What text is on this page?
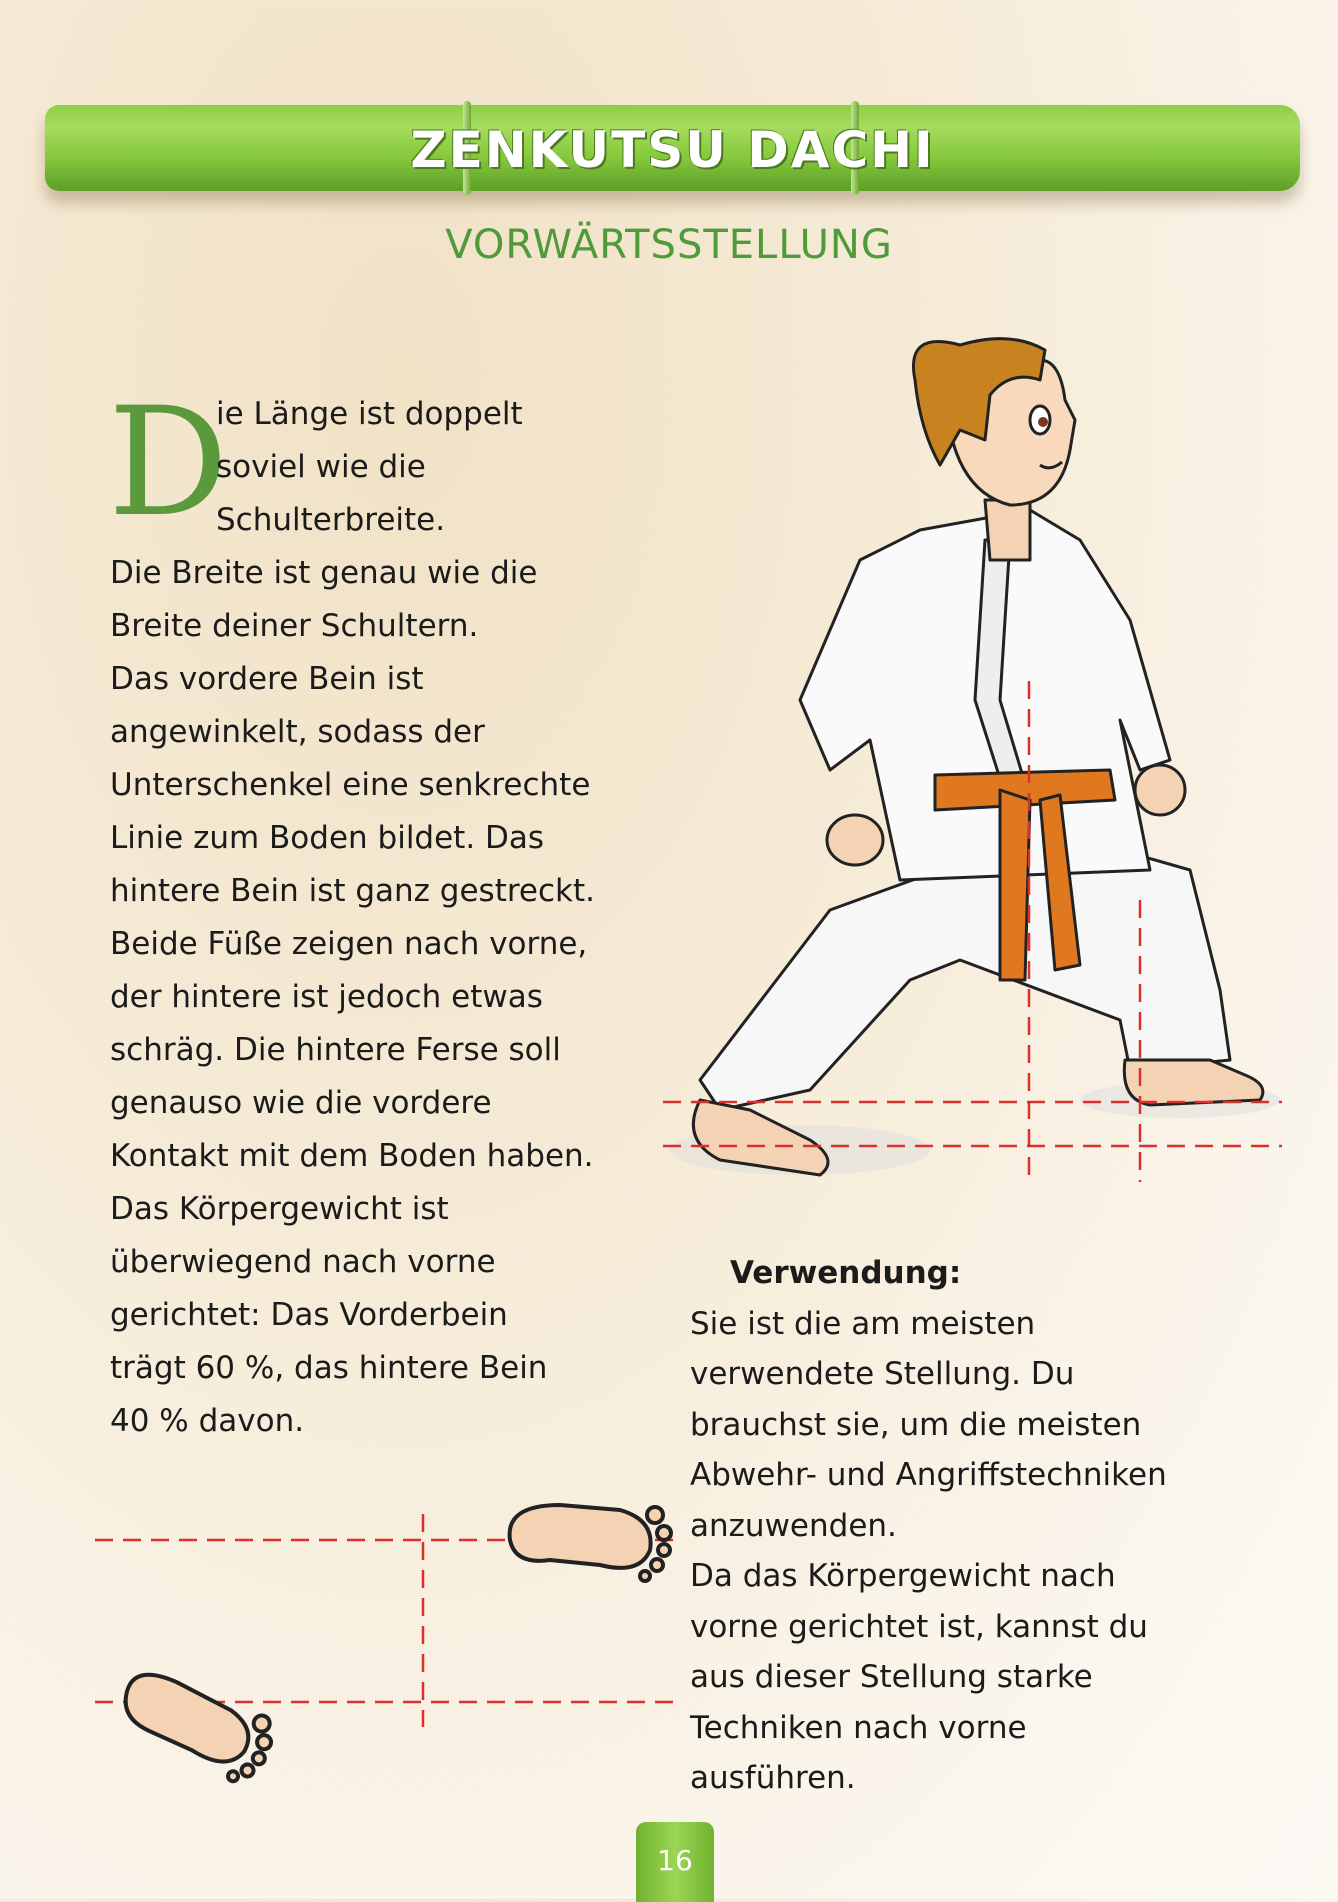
ZENKUTSU DACHI
VORWÄRTSSTELLUNG
D
ie Länge ist doppelt
soviel wie die
Schulterbreite.
Die Breite ist genau wie die
Breite deiner Schultern.
Das vordere Bein ist
angewinkelt, sodass der
Unterschenkel eine senkrechte
Linie zum Boden bildet. Das
hintere Bein ist ganz gestreckt.
Beide Füße zeigen nach vorne,
der hintere ist jedoch etwas
schräg. Die hintere Ferse soll
genauso wie die vordere
Kontakt mit dem Boden haben.
Das Körpergewicht ist
überwiegend nach vorne
gerichtet: Das Vorderbein
trägt 60 %, das hintere Bein
40 % davon.
Verwendung:
Sie ist die am meisten
verwendete Stellung. Du
brauchst sie, um die meisten
Abwehr- und Angriffstechniken
anzuwenden.
Da das Körpergewicht nach
vorne gerichtet ist, kannst du
aus dieser Stellung starke
Techniken nach vorne
ausführen.
16
